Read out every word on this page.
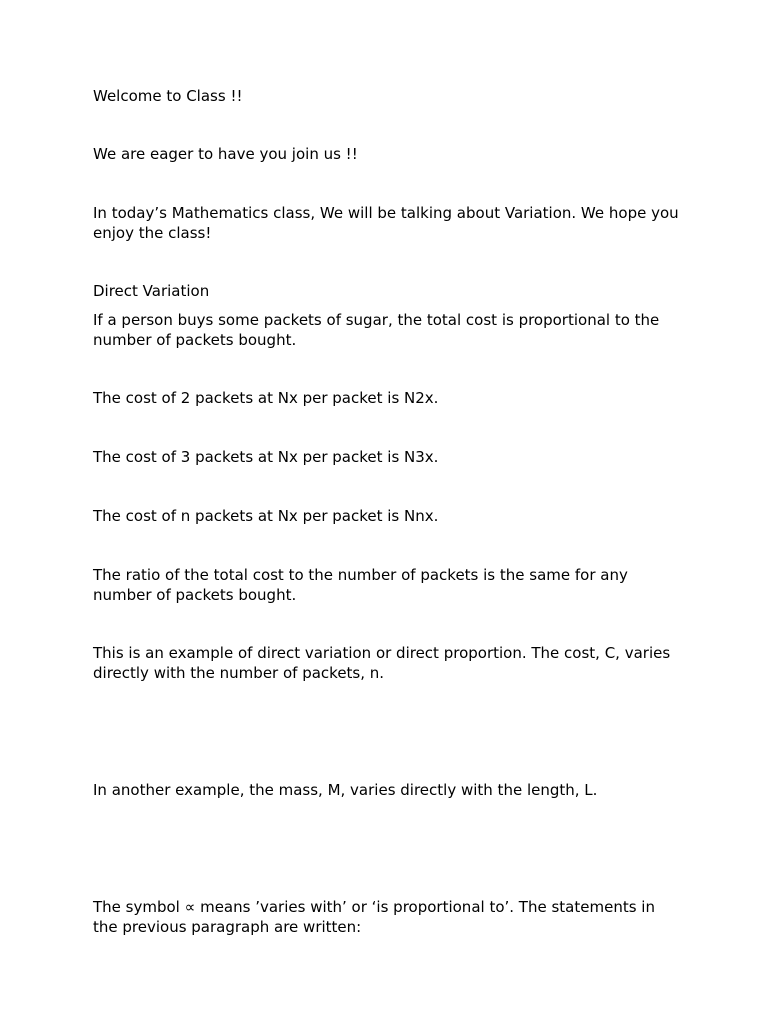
Welcome to Class !!

We are eager to have you join us !!

In today’s Mathematics class, We will be talking about Variation. We hope you enjoy the class!

Direct Variation

If a person buys some packets of sugar, the total cost is proportional to the number of packets bought.

The cost of 2 packets at Nx per packet is N2x.

The cost of 3 packets at Nx per packet is N3x.

The cost of n packets at Nx per packet is Nnx.

The ratio of the total cost to the number of packets is the same for any number of packets bought.

This is an example of direct variation or direct proportion. The cost, C, varies directly with the number of packets, n.

In another example, the mass, M, varies directly with the length, L.

The symbol ∝ means ’varies with’ or ‘is proportional to’. The statements in the previous paragraph are written:
